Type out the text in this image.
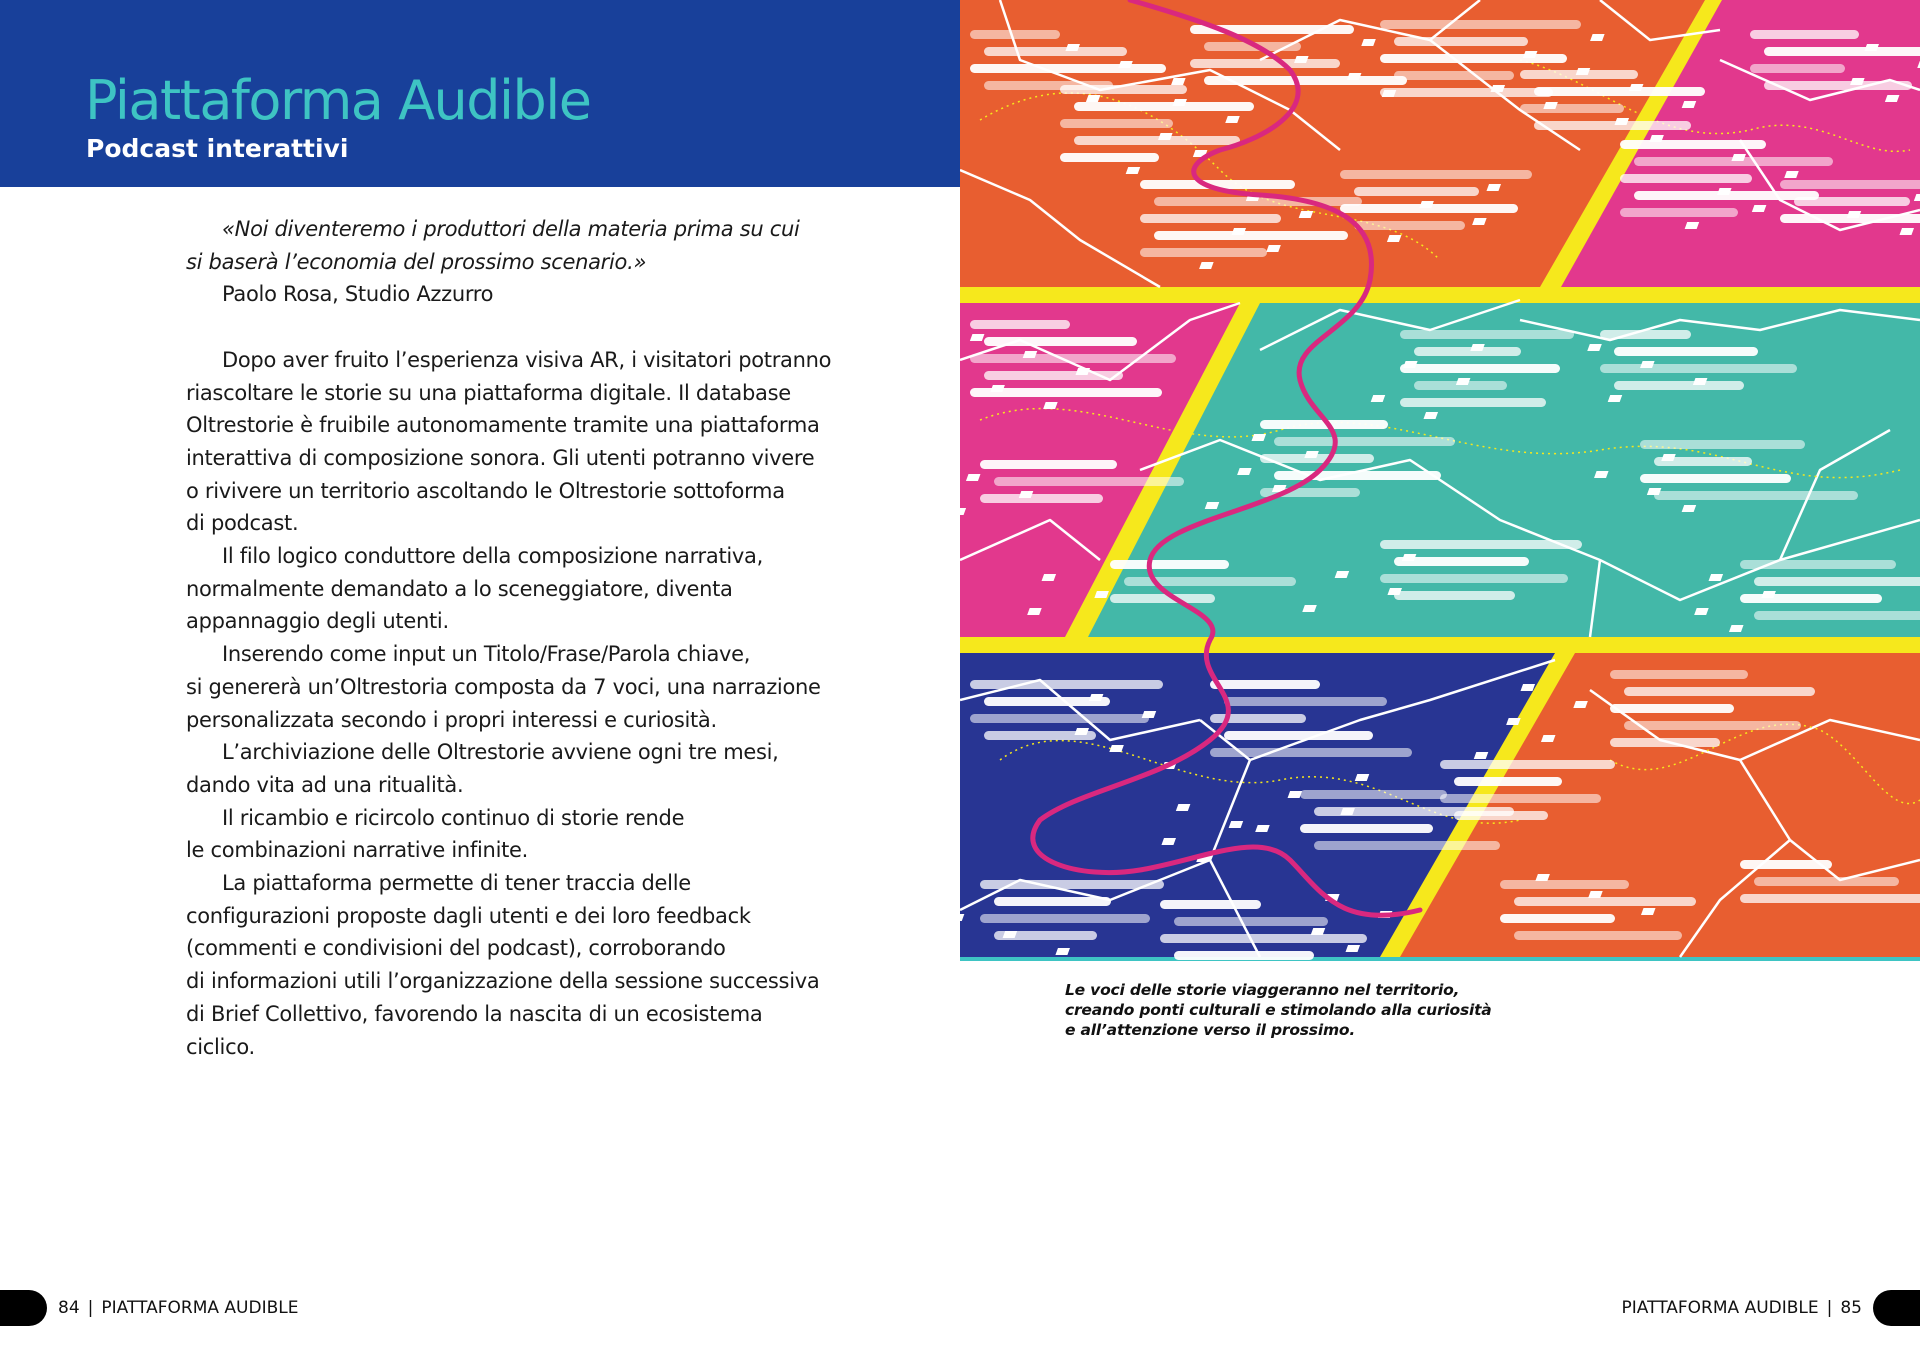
Piattaforma Audible
Podcast interattivi
«Noi diventeremo i produttori della materia prima su cui
si baserà l’economia del prossimo scenario.»
Paolo Rosa, Studio Azzurro
Dopo aver fruito l’esperienza visiva AR, i visitatori potranno
riascoltare le storie su una piattaforma digitale. Il database
Oltrestorie è fruibile autonomamente tramite una piattaforma
interattiva di composizione sonora. Gli utenti potranno vivere
o rivivere un territorio ascoltando le Oltrestorie sottoforma
di podcast.
Il filo logico conduttore della composizione narrativa,
normalmente demandato a lo sceneggiatore, diventa
appannaggio degli utenti.
Inserendo come input un Titolo/Frase/Parola chiave,
si genererà un’Oltrestoria composta da 7 voci, una narrazione
personalizzata secondo i propri interessi e curiosità.
L’archiviazione delle Oltrestorie avviene ogni tre mesi,
dando vita ad una ritualità.
Il ricambio e ricircolo continuo di storie rende
le combinazioni narrative infinite.
La piattaforma permette di tener traccia delle
configurazioni proposte dagli utenti e dei loro feedback
(commenti e condivisioni del podcast), corroborando
di informazioni utili l’organizzazione della sessione successiva
di Brief Collettivo, favorendo la nascita di un ecosistema
ciclico.
Le voci delle storie viaggeranno nel territorio,
creando ponti culturali e stimolando alla curiosità
e all’attenzione verso il prossimo.
84 | PIATTAFORMA AUDIBLE	PIATTAFORMA AUDIBLE | 85
